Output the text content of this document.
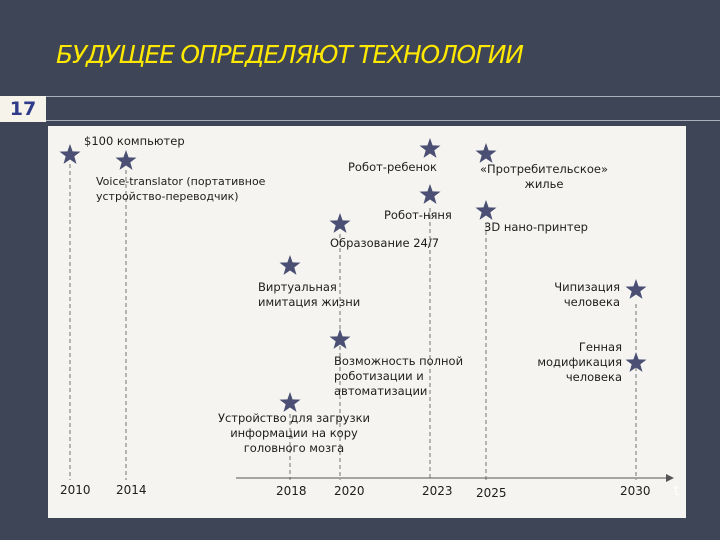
БУДУЩЕЕ ОПРЕДЕЛЯЮТ ТЕХНОЛОГИИ
17
$100 компьютер
Voice-translator (портативное
устройство-переводчик)
Робот-ребенок	«Протребительское»
жилье
Робот-няня
3D нано-принтер
Образование 24/7
Виртуальная
имитация жизни
Чипизация
человека
Возможность полной
роботизации и
автоматизации
Генная
модификация
человека
Устройство для загрузки
информации на кору
головного мозга
2010 2014	2018 2020	2023 2025	2030 t
